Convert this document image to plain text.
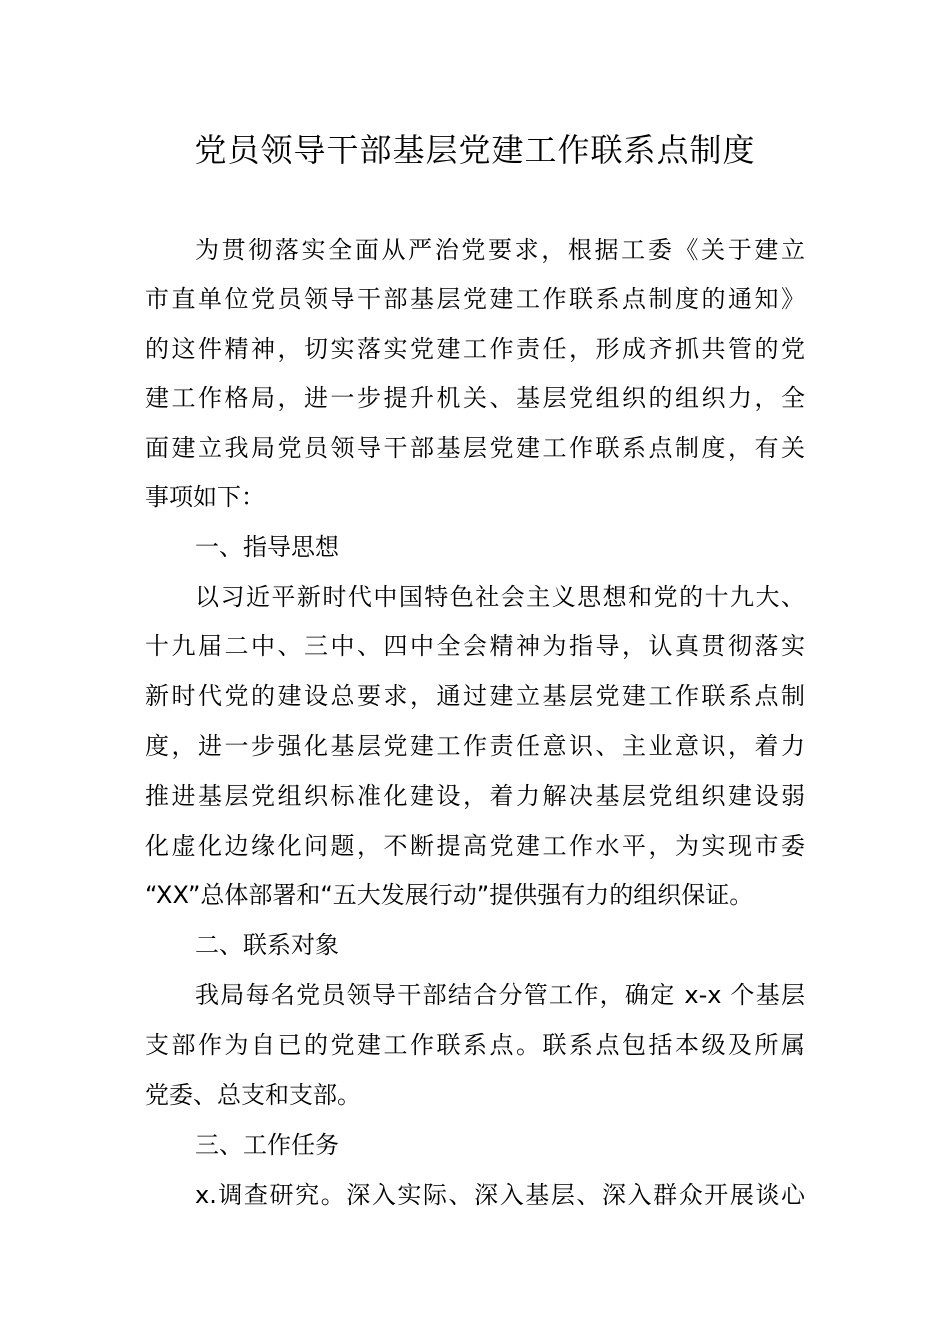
党员领导干部基层党建工作联系点制度
为贯彻落实全面从严治党要求，根据工委《关于建立
市直单位党员领导干部基层党建工作联系点制度的通知》
的这件精神，切实落实党建工作责任，形成齐抓共管的党
建工作格局，进一步提升机关、基层党组织的组织力，全
面建立我局党员领导干部基层党建工作联系点制度，有关
事项如下：
一、指导思想
以习近平新时代中国特色社会主义思想和党的十九大、
十九届二中、三中、四中全会精神为指导，认真贯彻落实
新时代党的建设总要求，通过建立基层党建工作联系点制
度，进一步强化基层党建工作责任意识、主业意识，着力
推进基层党组织标准化建设，着力解决基层党组织建设弱
化虚化边缘化问题，不断提高党建工作水平，为实现市委
“XX”总体部署和“五大发展行动”提供强有力的组织保证。
二、联系对象
我局每名党员领导干部结合分管工作，确定 x-x 个基层
支部作为自已的党建工作联系点。联系点包括本级及所属
党委、总支和支部。
三、工作任务
x.调查研究。深入实际、深入基层、深入群众开展谈心
